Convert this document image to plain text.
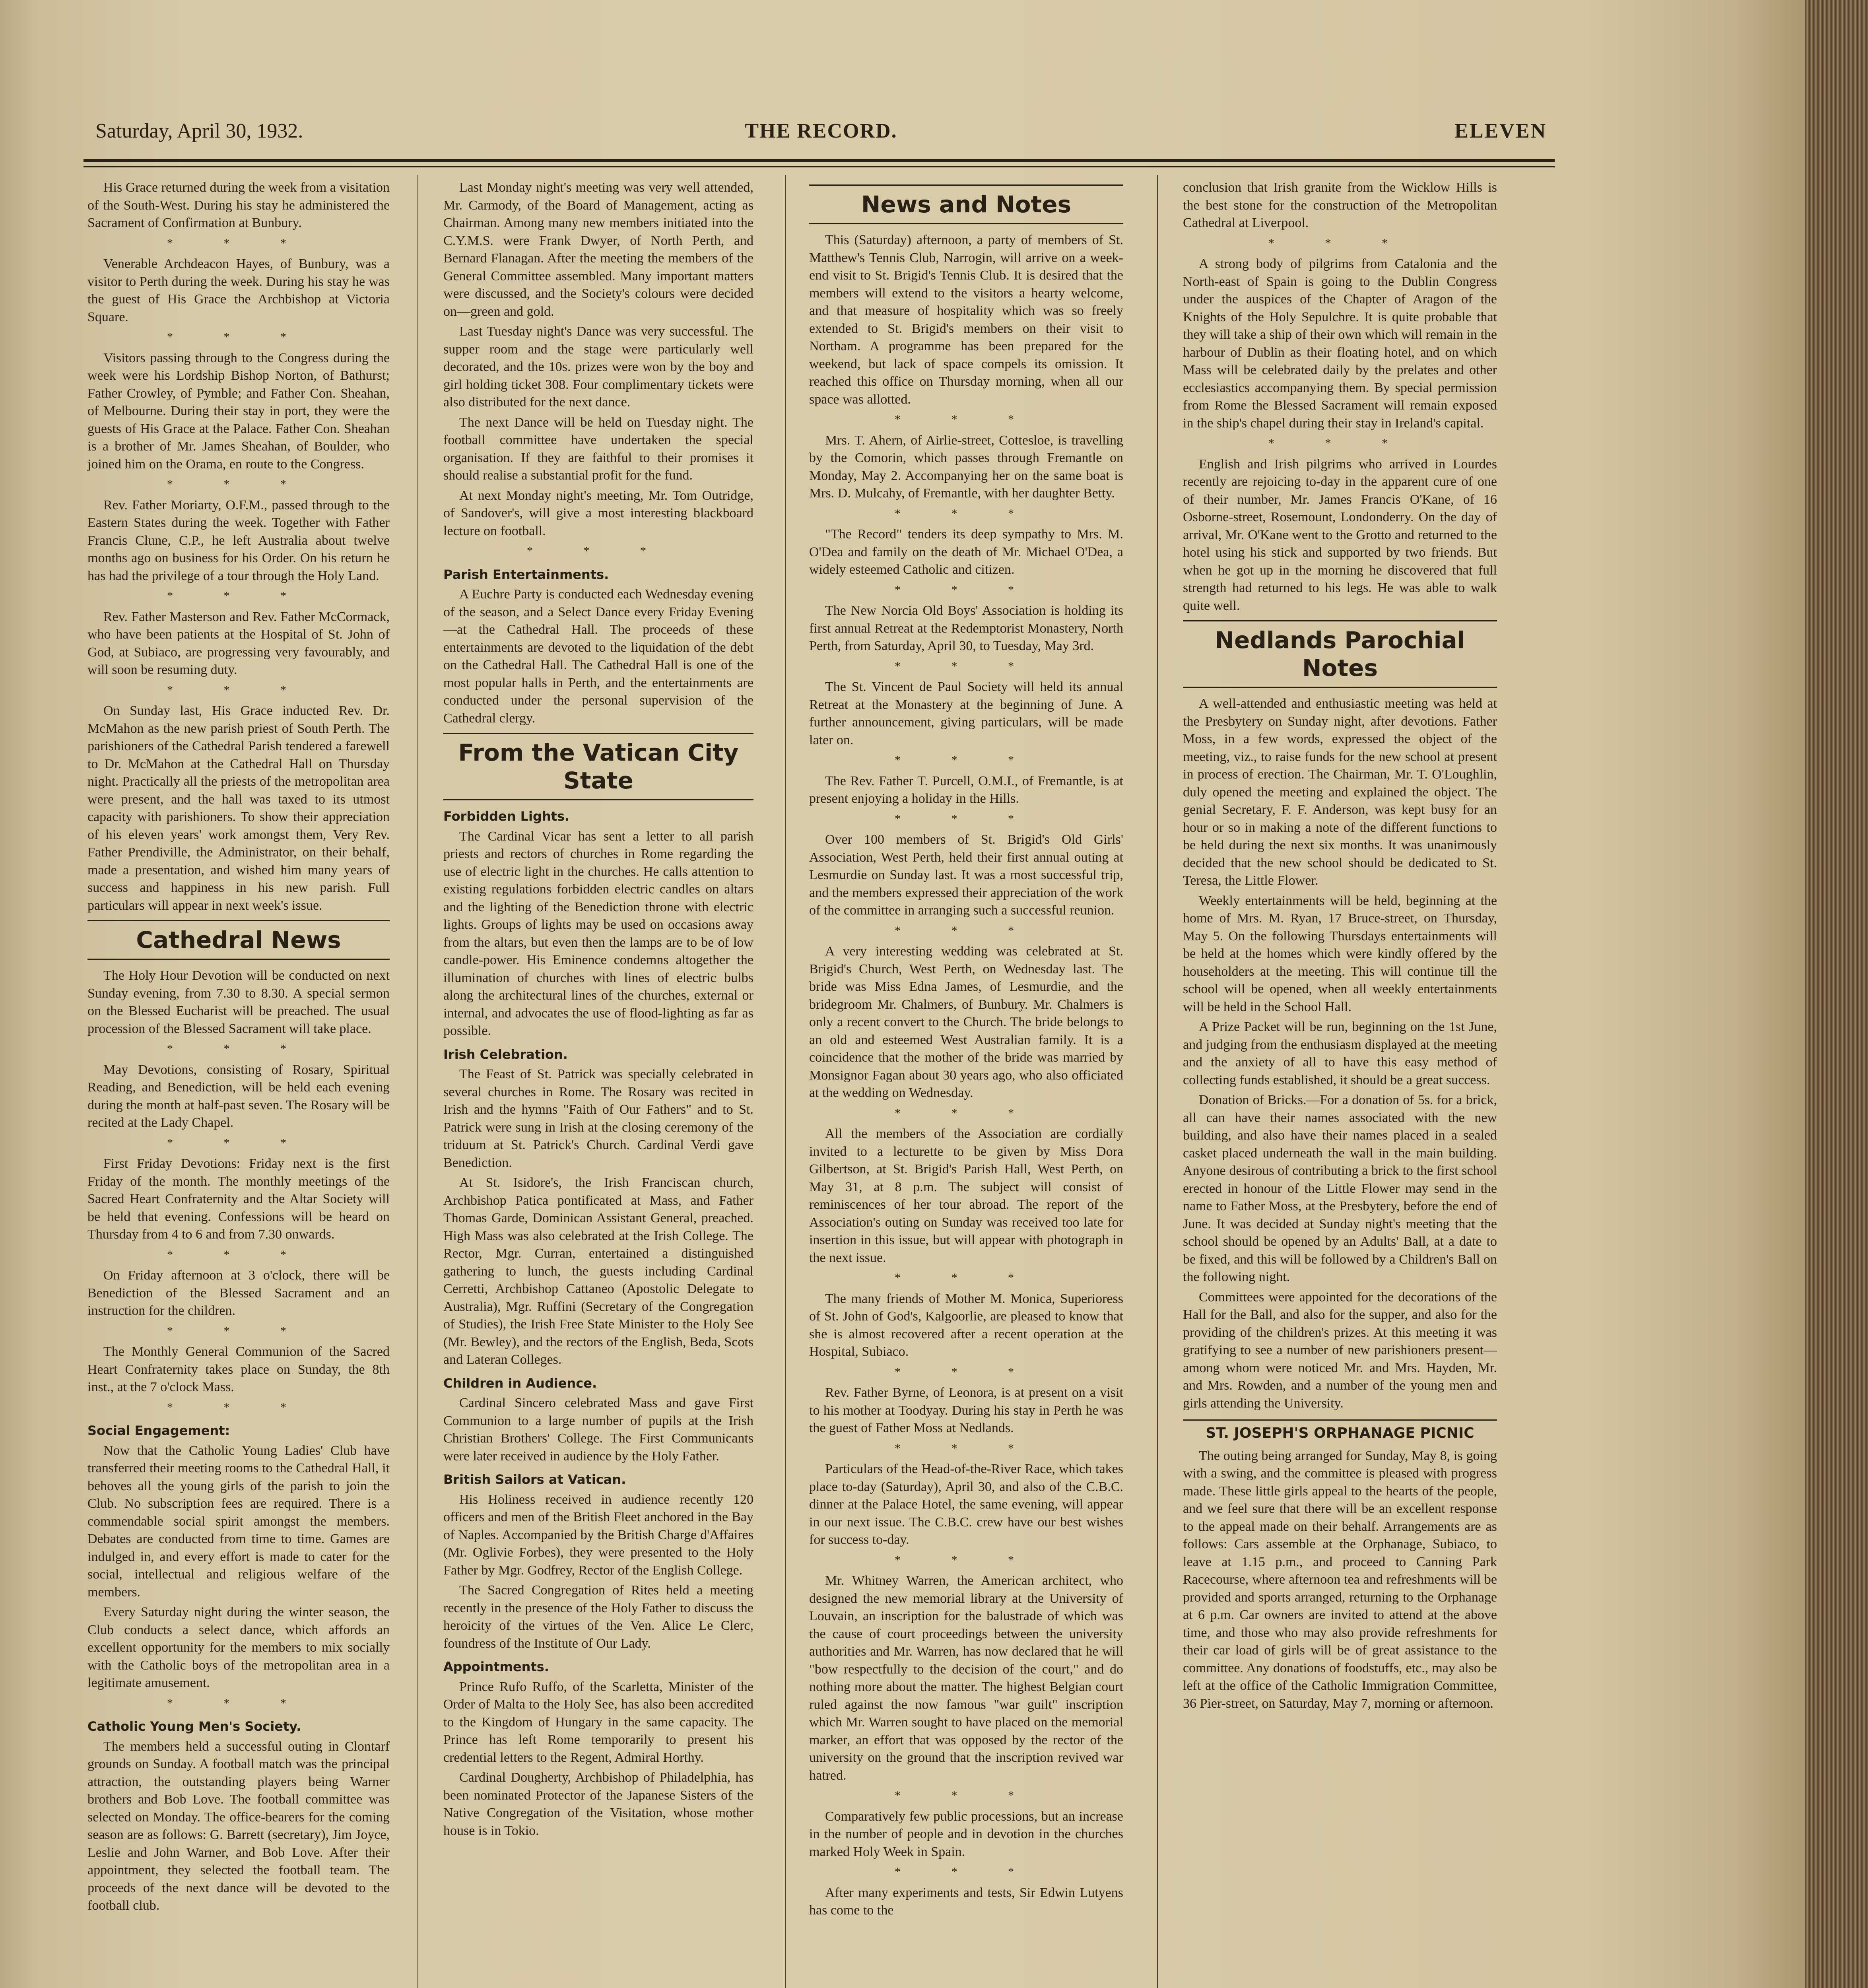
Saturday, April 30, 1932.	THE RECORD.	ELEVEN

His Grace returned during the week from a visitation of the South-West. During his stay he administered the Sacrament of Confirmation at Bunbury.

* * *

Venerable Archdeacon Hayes, of Bunbury, was a visitor to Perth during the week. During his stay he was the guest of His Grace the Archbishop at Victoria Square.

* * *

Visitors passing through to the Congress during the week were his Lordship Bishop Norton, of Bathurst; Father Crowley, of Pymble; and Father Con. Sheahan, of Melbourne. During their stay in port, they were the guests of His Grace at the Palace. Father Con. Sheahan is a brother of Mr. James Sheahan, of Boulder, who joined him on the Orama, en route to the Congress.

* * *

Rev. Father Moriarty, O.F.M., passed through to the Eastern States during the week. Together with Father Francis Clune, C.P., he left Australia about twelve months ago on business for his Order. On his return he has had the privilege of a tour through the Holy Land.

* * *

Rev. Father Masterson and Rev. Father McCormack, who have been patients at the Hospital of St. John of God, at Subiaco, are progressing very favourably, and will soon be resuming duty.

* * *

On Sunday last, His Grace inducted Rev. Dr. McMahon as the new parish priest of South Perth. The parishioners of the Cathedral Parish tendered a farewell to Dr. McMahon at the Cathedral Hall on Thursday night. Practically all the priests of the metropolitan area were present, and the hall was taxed to its utmost capacity with parishioners. To show their appreciation of his eleven years' work amongst them, Very Rev. Father Prendiville, the Administrator, on their behalf, made a presentation, and wished him many years of success and happiness in his new parish. Full particulars will appear in next week's issue.

Cathedral News

The Holy Hour Devotion will be conducted on next Sunday evening, from 7.30 to 8.30. A special sermon on the Blessed Eucharist will be preached. The usual procession of the Blessed Sacrament will take place.

* * *

May Devotions, consisting of Rosary, Spiritual Reading, and Benediction, will be held each evening during the month at half-past seven. The Rosary will be recited at the Lady Chapel.

* * *

First Friday Devotions: Friday next is the first Friday of the month. The monthly meetings of the Sacred Heart Confraternity and the Altar Society will be held that evening. Confessions will be heard on Thursday from 4 to 6 and from 7.30 onwards.

* * *

On Friday afternoon at 3 o'clock, there will be Benediction of the Blessed Sacrament and an instruction for the children.

* * *

The Monthly General Communion of the Sacred Heart Confraternity takes place on Sunday, the 8th inst., at the 7 o'clock Mass.

* * *
Social Engagement:

Now that the Catholic Young Ladies' Club have transferred their meeting rooms to the Cathedral Hall, it behoves all the young girls of the parish to join the Club. No subscription fees are required. There is a commendable social spirit amongst the members. Debates are conducted from time to time. Games are indulged in, and every effort is made to cater for the social, intellectual and religious welfare of the members.

Every Saturday night during the winter season, the Club conducts a select dance, which affords an excellent opportunity for the members to mix socially with the Catholic boys of the metropolitan area in a legitimate amusement.

* * *
Catholic Young Men's Society.

The members held a successful outing in Clontarf grounds on Sunday. A football match was the principal attraction, the outstanding players being Warner brothers and Bob Love. The football committee was selected on Monday. The office-bearers for the coming season are as follows: G. Barrett (secretary), Jim Joyce, Leslie and John Warner, and Bob Love. After their appointment, they selected the football team. The proceeds of the next dance will be devoted to the football club.

Last Monday night's meeting was very well attended, Mr. Carmody, of the Board of Management, acting as Chairman. Among many new members initiated into the C.Y.M.S. were Frank Dwyer, of North Perth, and Bernard Flanagan. After the meeting the members of the General Committee assembled. Many important matters were discussed, and the Society's colours were decided on—green and gold.

Last Tuesday night's Dance was very successful. The supper room and the stage were particularly well decorated, and the 10s. prizes were won by the boy and girl holding ticket 308. Four complimentary tickets were also distributed for the next dance.

The next Dance will be held on Tuesday night. The football committee have undertaken the special organisation. If they are faithful to their promises it should realise a substantial profit for the fund.

At next Monday night's meeting, Mr. Tom Outridge, of Sandover's, will give a most interesting blackboard lecture on football.

* * *
Parish Entertainments.

A Euchre Party is conducted each Wednesday evening of the season, and a Select Dance every Friday Evening—at the Cathedral Hall. The proceeds of these entertainments are devoted to the liquidation of the debt on the Cathedral Hall. The Cathedral Hall is one of the most popular halls in Perth, and the entertainments are conducted under the personal supervision of the Cathedral clergy.

From the Vatican City State
Forbidden Lights.

The Cardinal Vicar has sent a letter to all parish priests and rectors of churches in Rome regarding the use of electric light in the churches. He calls attention to existing regulations forbidden electric candles on altars and the lighting of the Benediction throne with electric lights. Groups of lights may be used on occasions away from the altars, but even then the lamps are to be of low candle-power. His Eminence condemns altogether the illumination of churches with lines of electric bulbs along the architectural lines of the churches, external or internal, and advocates the use of flood-lighting as far as possible.

Irish Celebration.

The Feast of St. Patrick was specially celebrated in several churches in Rome. The Rosary was recited in Irish and the hymns "Faith of Our Fathers" and to St. Patrick were sung in Irish at the closing ceremony of the triduum at St. Patrick's Church. Cardinal Verdi gave Benediction.

At St. Isidore's, the Irish Franciscan church, Archbishop Patica pontificated at Mass, and Father Thomas Garde, Dominican Assistant General, preached. High Mass was also celebrated at the Irish College. The Rector, Mgr. Curran, entertained a distinguished gathering to lunch, the guests including Cardinal Cerretti, Archbishop Cattaneo (Apostolic Delegate to Australia), Mgr. Ruffini (Secretary of the Congregation of Studies), the Irish Free State Minister to the Holy See (Mr. Bewley), and the rectors of the English, Beda, Scots and Lateran Colleges.

Children in Audience.

Cardinal Sincero celebrated Mass and gave First Communion to a large number of pupils at the Irish Christian Brothers' College. The First Communicants were later received in audience by the Holy Father.

British Sailors at Vatican.

His Holiness received in audience recently 120 officers and men of the British Fleet anchored in the Bay of Naples. Accompanied by the British Charge d'Affaires (Mr. Oglivie Forbes), they were presented to the Holy Father by Mgr. Godfrey, Rector of the English College.

The Sacred Congregation of Rites held a meeting recently in the presence of the Holy Father to discuss the heroicity of the virtues of the Ven. Alice Le Clerc, foundress of the Institute of Our Lady.

Appointments.

Prince Rufo Ruffo, of the Scarletta, Minister of the Order of Malta to the Holy See, has also been accredited to the Kingdom of Hungary in the same capacity. The Prince has left Rome temporarily to present his credential letters to the Regent, Admiral Horthy.

Cardinal Dougherty, Archbishop of Philadelphia, has been nominated Protector of the Japanese Sisters of the Native Congregation of the Visitation, whose mother house is in Tokio.

News and Notes

This (Saturday) afternoon, a party of members of St. Matthew's Tennis Club, Narrogin, will arrive on a week-end visit to St. Brigid's Tennis Club. It is desired that the members will extend to the visitors a hearty welcome, and that measure of hospitality which was so freely extended to St. Brigid's members on their visit to Northam. A programme has been prepared for the weekend, but lack of space compels its omission. It reached this office on Thursday morning, when all our space was allotted.

* * *

Mrs. T. Ahern, of Airlie-street, Cottesloe, is travelling by the Comorin, which passes through Fremantle on Monday, May 2. Accompanying her on the same boat is Mrs. D. Mulcahy, of Fremantle, with her daughter Betty.

* * *

"The Record" tenders its deep sympathy to Mrs. M. O'Dea and family on the death of Mr. Michael O'Dea, a widely esteemed Catholic and citizen.

* * *

The New Norcia Old Boys' Association is holding its first annual Retreat at the Redemptorist Monastery, North Perth, from Saturday, April 30, to Tuesday, May 3rd.

* * *

The St. Vincent de Paul Society will held its annual Retreat at the Monastery at the beginning of June. A further announcement, giving particulars, will be made later on.

* * *

The Rev. Father T. Purcell, O.M.I., of Fremantle, is at present enjoying a holiday in the Hills.

* * *

Over 100 members of St. Brigid's Old Girls' Association, West Perth, held their first annual outing at Lesmurdie on Sunday last. It was a most successful trip, and the members expressed their appreciation of the work of the committee in arranging such a successful reunion.

* * *

A very interesting wedding was celebrated at St. Brigid's Church, West Perth, on Wednesday last. The bride was Miss Edna James, of Lesmurdie, and the bridegroom Mr. Chalmers, of Bunbury. Mr. Chalmers is only a recent convert to the Church. The bride belongs to an old and esteemed West Australian family. It is a coincidence that the mother of the bride was married by Monsignor Fagan about 30 years ago, who also officiated at the wedding on Wednesday.

* * *

All the members of the Association are cordially invited to a lecturette to be given by Miss Dora Gilbertson, at St. Brigid's Parish Hall, West Perth, on May 31, at 8 p.m. The subject will consist of reminiscences of her tour abroad. The report of the Association's outing on Sunday was received too late for insertion in this issue, but will appear with photograph in the next issue.

* * *

The many friends of Mother M. Monica, Superioress of St. John of God's, Kalgoorlie, are pleased to know that she is almost recovered after a recent operation at the Hospital, Subiaco.

* * *

Rev. Father Byrne, of Leonora, is at present on a visit to his mother at Toodyay. During his stay in Perth he was the guest of Father Moss at Nedlands.

* * *

Particulars of the Head-of-the-River Race, which takes place to-day (Saturday), April 30, and also of the C.B.C. dinner at the Palace Hotel, the same evening, will appear in our next issue. The C.B.C. crew have our best wishes for success to-day.

* * *

Mr. Whitney Warren, the American architect, who designed the new memorial library at the University of Louvain, an inscription for the balustrade of which was the cause of court proceedings between the university authorities and Mr. Warren, has now declared that he will "bow respectfully to the decision of the court," and do nothing more about the matter. The highest Belgian court ruled against the now famous "war guilt" inscription which Mr. Warren sought to have placed on the memorial marker, an effort that was opposed by the rector of the university on the ground that the inscription revived war hatred.

* * *

Comparatively few public processions, but an increase in the number of people and in devotion in the churches marked Holy Week in Spain.

* * *

After many experiments and tests, Sir Edwin Lutyens has come to the

conclusion that Irish granite from the Wicklow Hills is the best stone for the construction of the Metropolitan Cathedral at Liverpool.

* * *

A strong body of pilgrims from Catalonia and the North-east of Spain is going to the Dublin Congress under the auspices of the Chapter of Aragon of the Knights of the Holy Sepulchre. It is quite probable that they will take a ship of their own which will remain in the harbour of Dublin as their floating hotel, and on which Mass will be celebrated daily by the prelates and other ecclesiastics accompanying them. By special permission from Rome the Blessed Sacrament will remain exposed in the ship's chapel during their stay in Ireland's capital.

* * *

English and Irish pilgrims who arrived in Lourdes recently are rejoicing to-day in the apparent cure of one of their number, Mr. James Francis O'Kane, of 16 Osborne-street, Rosemount, Londonderry. On the day of arrival, Mr. O'Kane went to the Grotto and returned to the hotel using his stick and supported by two friends. But when he got up in the morning he discovered that full strength had returned to his legs. He was able to walk quite well.

Nedlands Parochial Notes

A well-attended and enthusiastic meeting was held at the Presbytery on Sunday night, after devotions. Father Moss, in a few words, expressed the object of the meeting, viz., to raise funds for the new school at present in process of erection. The Chairman, Mr. T. O'Loughlin, duly opened the meeting and explained the object. The genial Secretary, F. F. Anderson, was kept busy for an hour or so in making a note of the different functions to be held during the next six months. It was unanimously decided that the new school should be dedicated to St. Teresa, the Little Flower.

Weekly entertainments will be held, beginning at the home of Mrs. M. Ryan, 17 Bruce-street, on Thursday, May 5. On the following Thursdays entertainments will be held at the homes which were kindly offered by the householders at the meeting. This will continue till the school will be opened, when all weekly entertainments will be held in the School Hall.

A Prize Packet will be run, beginning on the 1st June, and judging from the enthusiasm displayed at the meeting and the anxiety of all to have this easy method of collecting funds established, it should be a great success.

Donation of Bricks.—For a donation of 5s. for a brick, all can have their names associated with the new building, and also have their names placed in a sealed casket placed underneath the wall in the main building. Anyone desirous of contributing a brick to the first school erected in honour of the Little Flower may send in the name to Father Moss, at the Presbytery, before the end of June. It was decided at Sunday night's meeting that the school should be opened by an Adults' Ball, at a date to be fixed, and this will be followed by a Children's Ball on the following night.

Committees were appointed for the decorations of the Hall for the Ball, and also for the supper, and also for the providing of the children's prizes. At this meeting it was gratifying to see a number of new parishioners present—among whom were noticed Mr. and Mrs. Hayden, Mr. and Mrs. Rowden, and a number of the young men and girls attending the University.

ST. JOSEPH'S ORPHANAGE PICNIC

The outing being arranged for Sunday, May 8, is going with a swing, and the committee is pleased with progress made. These little girls appeal to the hearts of the people, and we feel sure that there will be an excellent response to the appeal made on their behalf. Arrangements are as follows: Cars assemble at the Orphanage, Subiaco, to leave at 1.15 p.m., and proceed to Canning Park Racecourse, where afternoon tea and refreshments will be provided and sports arranged, returning to the Orphanage at 6 p.m. Car owners are invited to attend at the above time, and those who may also provide refreshments for their car load of girls will be of great assistance to the committee. Any donations of foodstuffs, etc., may also be left at the office of the Catholic Immigration Committee, 36 Pier-street, on Saturday, May 7, morning or afternoon.
